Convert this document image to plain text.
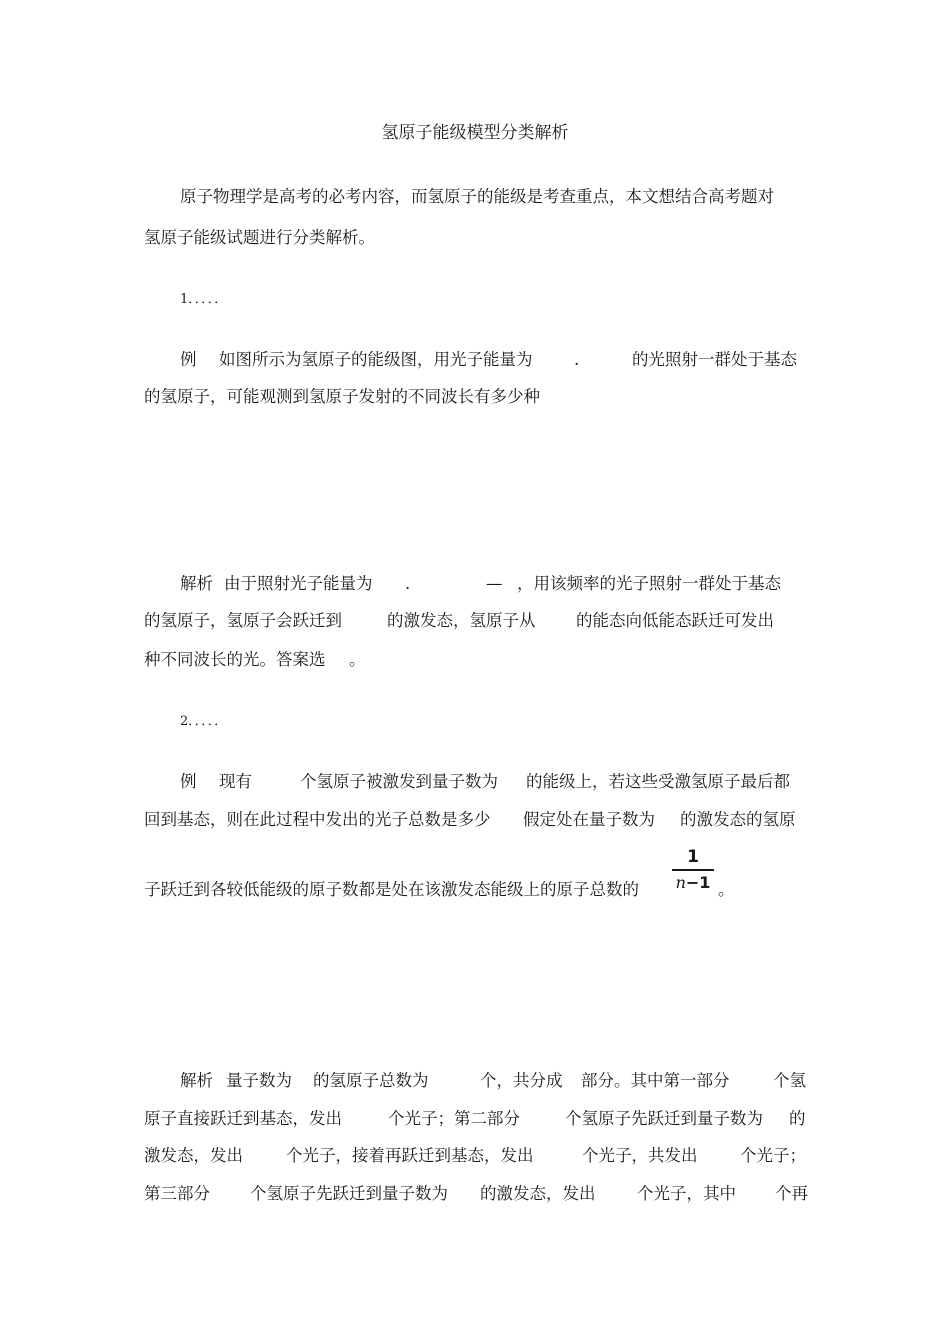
氢原子能级模型分类解析
原子物理学是高考的必考内容，而氢原子的能级是考查重点，本文想结合高考题对
氢原子能级试题进行分类解析。
1．．．．．
例 如图所示为氢原子的能级图，用光子能量为	.	的光照射一群处于基态
的氢原子，可能观测到氢原子发射的不同波长有多少种
解析 由于照射光子能量为 .	— ，用该频率的光子照射一群处于基态
的氢原子，氢原子会跃迁到	的激发态，氢原子从 的能态向低能态跃迁可发出
种不同波长的光。答案选 。
2．．．．．
例 现有	个氢原子被激发到量子数为 的能级上，若这些受激氢原子最后都
回到基态，则在此过程中发出的光子总数是多少 假定处在量子数为 的激发态的氢原
子跃迁到各较低能级的原子数都是处在该激发态能级上的原子总数的
1
n−1 。
解析 量子数为 的氢原子总数为	个，共分成 部分。其中第一部分	个氢
原子直接跃迁到基态，发出	个光子；第二部分	个氢原子先跃迁到量子数为 的
激发态，发出	个光子，接着再跃迁到基态，发出	个光子，共发出	个光子；
第三部分 个氢原子先跃迁到量子数为 的激发态，发出	个光子，其中 个再
